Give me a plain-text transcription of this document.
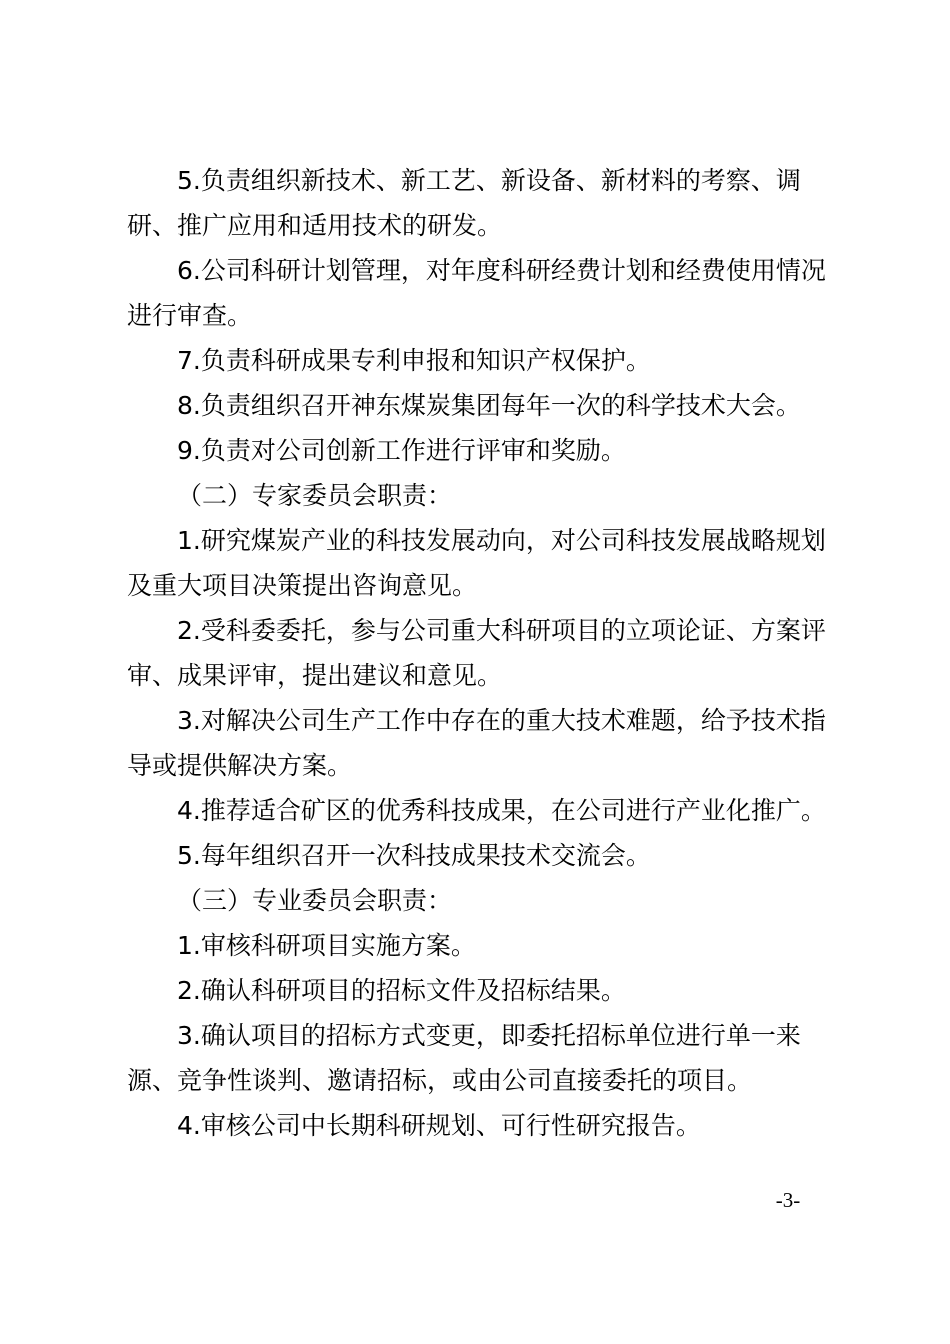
5.负责组织新技术、新工艺、新设备、新材料的考察、调研、推广应用和适用技术的研发。

6.公司科研计划管理，对年度科研经费计划和经费使用情况进行审查。

7.负责科研成果专利申报和知识产权保护。

8.负责组织召开神东煤炭集团每年一次的科学技术大会。

9.负责对公司创新工作进行评审和奖励。

（二）专家委员会职责：

1.研究煤炭产业的科技发展动向，对公司科技发展战略规划及重大项目决策提出咨询意见。

2.受科委委托，参与公司重大科研项目的立项论证、方案评审、成果评审，提出建议和意见。

3.对解决公司生产工作中存在的重大技术难题，给予技术指导或提供解决方案。

4.推荐适合矿区的优秀科技成果，在公司进行产业化推广。

5.每年组织召开一次科技成果技术交流会。

（三）专业委员会职责：

1.审核科研项目实施方案。

2.确认科研项目的招标文件及招标结果。

3.确认项目的招标方式变更，即委托招标单位进行单一来源、竞争性谈判、邀请招标，或由公司直接委托的项目。

4.审核公司中长期科研规划、可行性研究报告。

-3-
